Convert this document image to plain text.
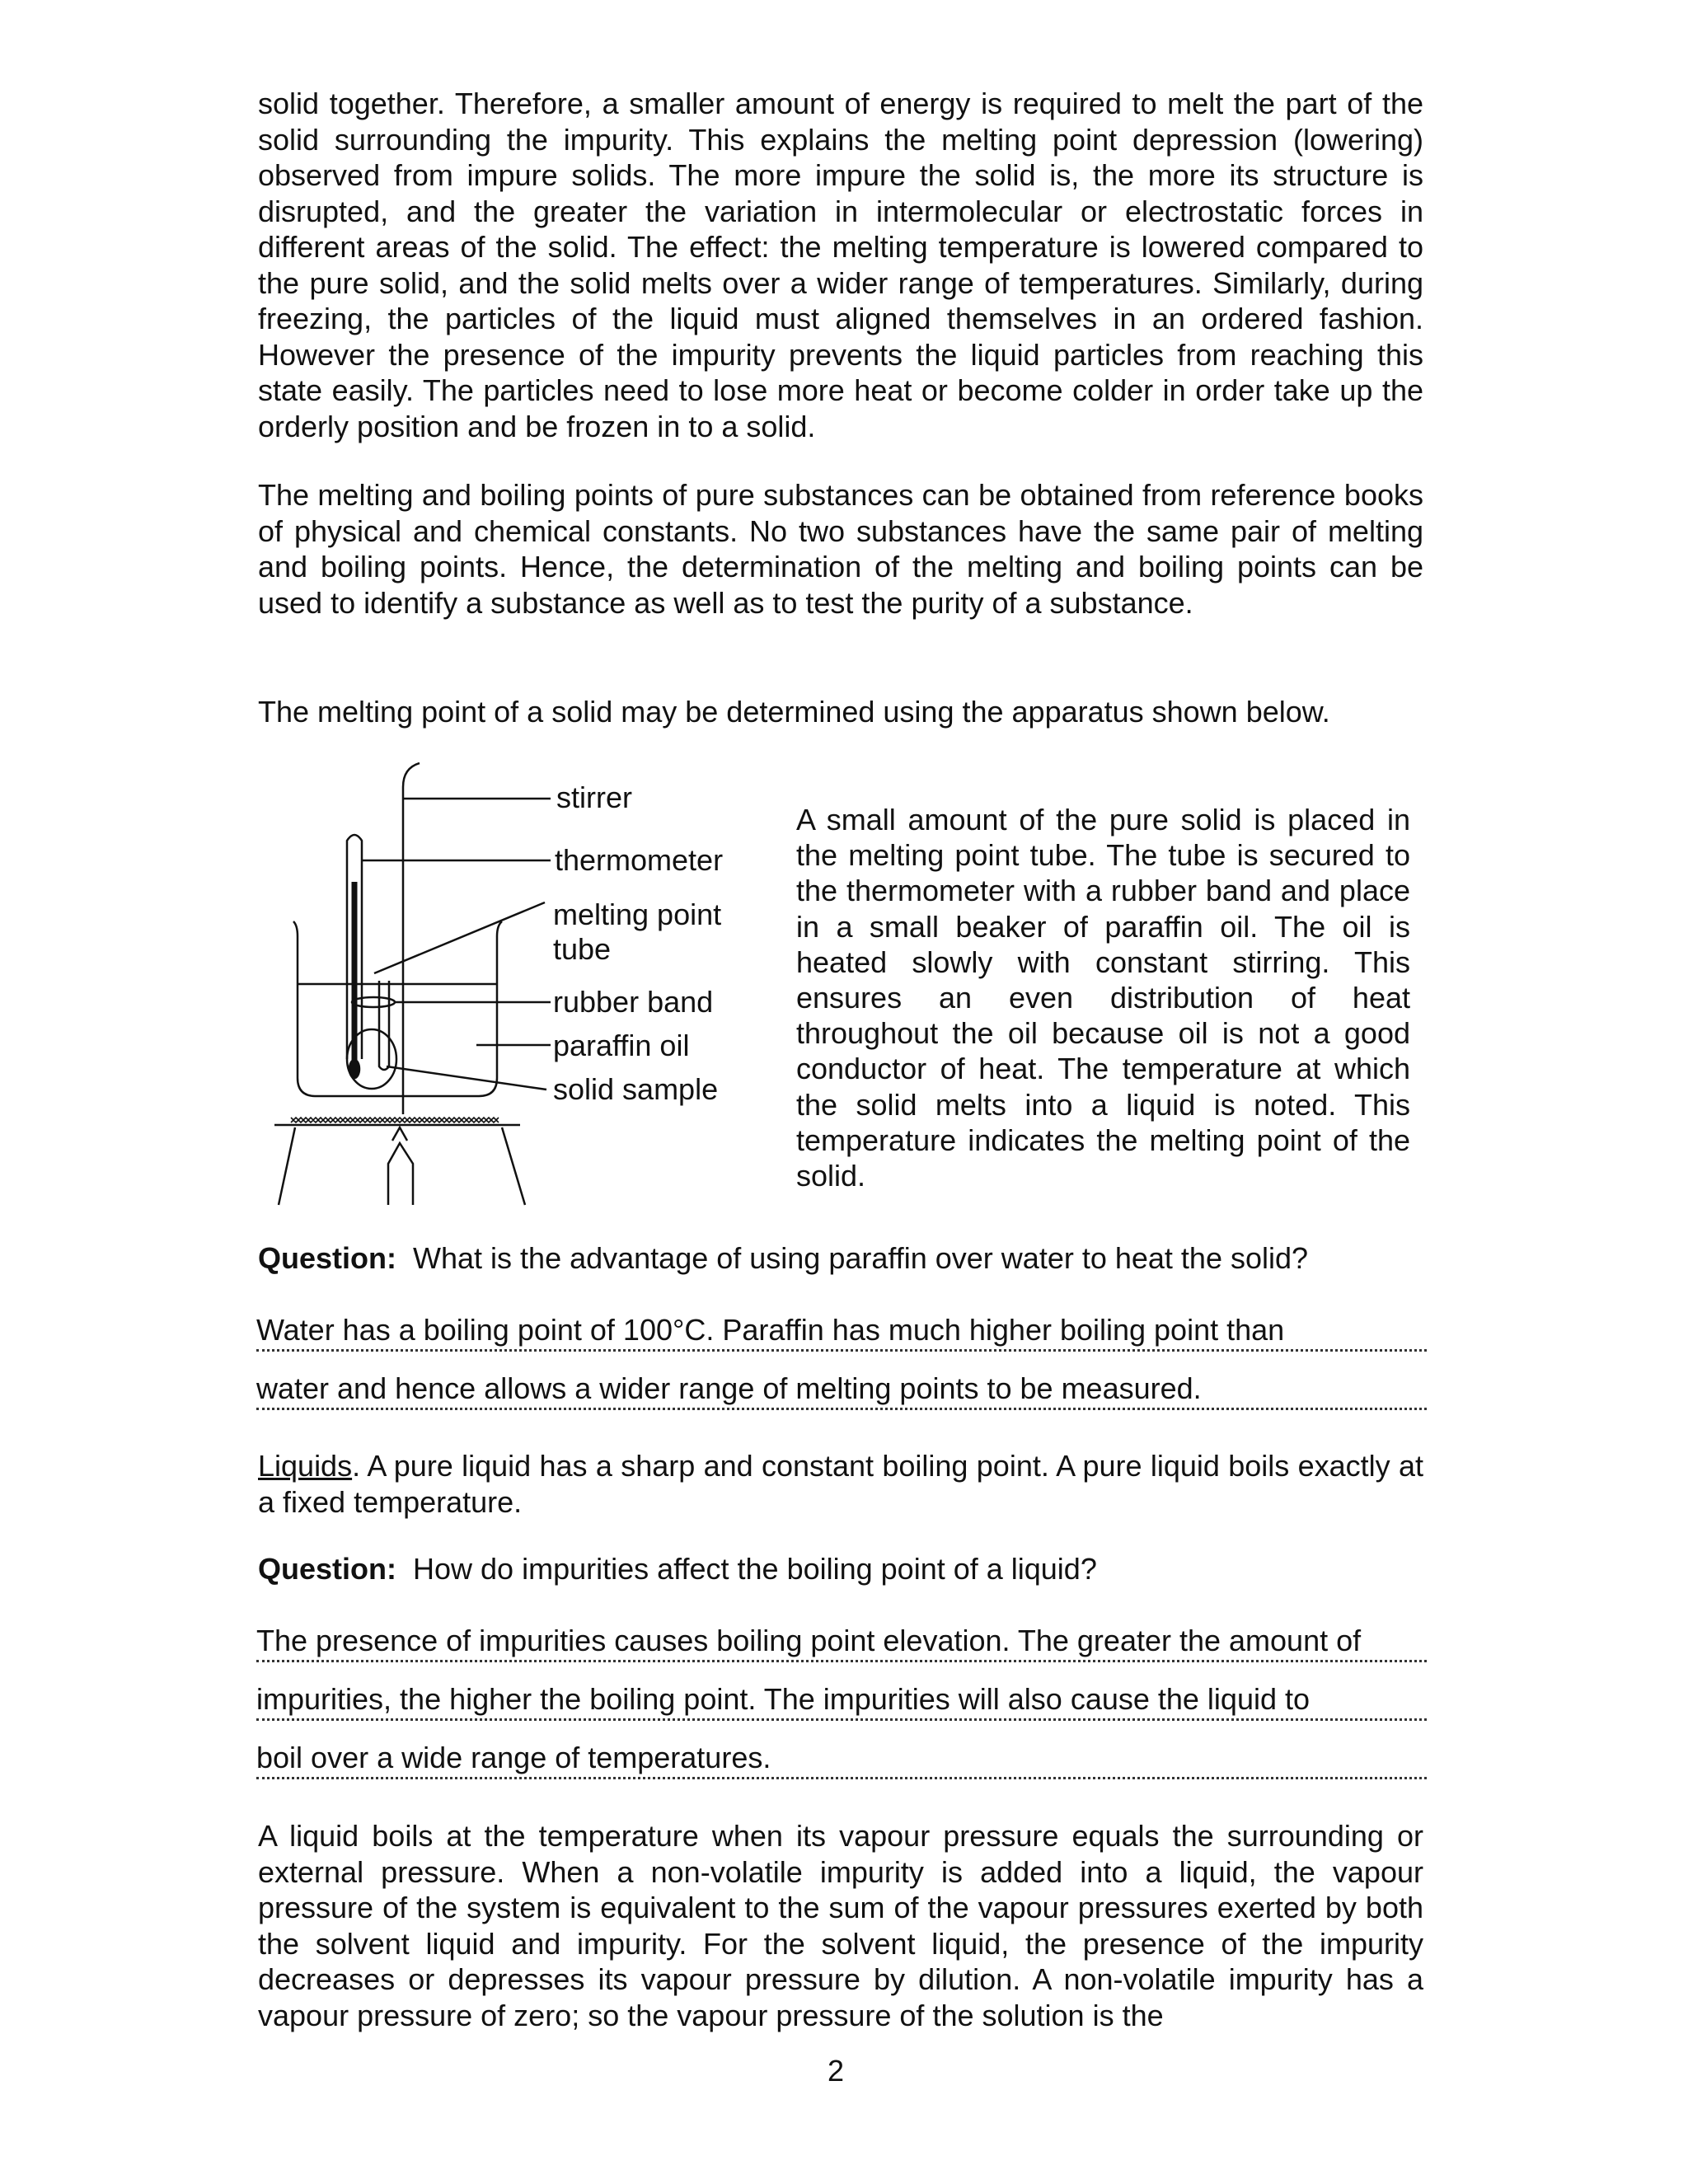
solid together. Therefore, a smaller amount of energy is required to melt the part of the solid surrounding the impurity. This explains the melting point depression (lowering) observed from impure solids. The more impure the solid is, the more its structure is disrupted, and the greater the variation in intermolecular or electrostatic forces in different areas of the solid. The effect: the melting temperature is lowered compared to the pure solid, and the solid melts over a wider range of temperatures. Similarly, during freezing, the particles of the liquid must aligned themselves in an ordered fashion. However the presence of the impurity prevents the liquid particles from reaching this state easily. The particles need to lose more heat or become colder in order take up the orderly position and be frozen in to a solid.

The melting and boiling points of pure substances can be obtained from reference books of physical and chemical constants. No two substances have the same pair of melting and boiling points. Hence, the determination of the melting and boiling points can be used to identify a substance as well as to test the purity of a substance.

The melting point of a solid may be determined using the apparatus shown below.

stirrer
thermometer
melting point
tube
rubber band
paraffin oil
solid sample

A small amount of the pure solid is placed in the melting point tube. The tube is secured to the thermometer with a rubber band and place in a small beaker of paraffin oil. The oil is heated slowly with constant stirring. This ensures an even distribution of heat throughout the oil because oil is not a good conductor of heat. The temperature at which the solid melts into a liquid is noted. This temperature indicates the melting point of the solid.

Question: What is the advantage of using paraffin over water to heat the solid?
Water has a boiling point of 100°C. Paraffin has much higher boiling point than
water and hence allows a wider range of melting points to be measured.

Liquids. A pure liquid has a sharp and constant boiling point. A pure liquid boils exactly at a fixed temperature.

Question: How do impurities affect the boiling point of a liquid?
The presence of impurities causes boiling point elevation. The greater the amount of
impurities, the higher the boiling point. The impurities will also cause the liquid to
boil over a wide range of temperatures.

A liquid boils at the temperature when its vapour pressure equals the surrounding or external pressure. When a non-volatile impurity is added into a liquid, the vapour pressure of the system is equivalent to the sum of the vapour pressures exerted by both the solvent liquid and impurity. For the solvent liquid, the presence of the impurity decreases or depresses its vapour pressure by dilution. A non-volatile impurity has a vapour pressure of zero; so the vapour pressure of the solution is the

2
